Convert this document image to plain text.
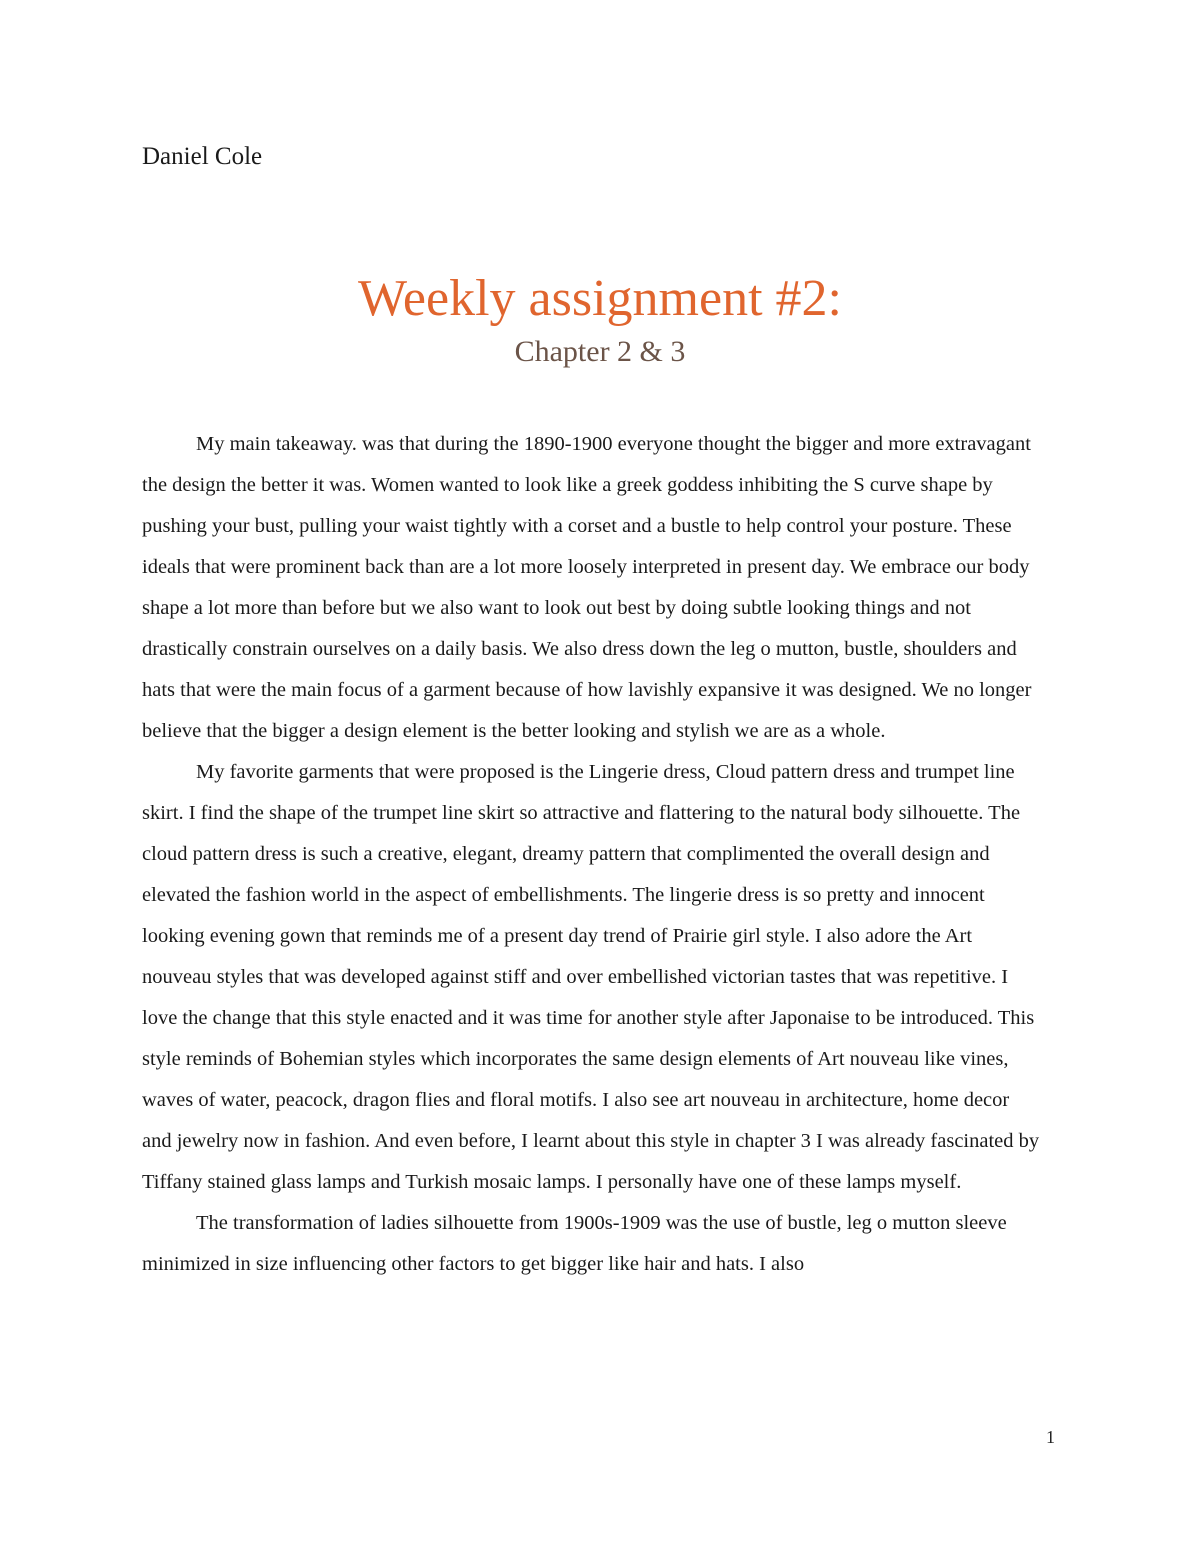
Daniel Cole
Weekly assignment #2:
Chapter 2 & 3

My main takeaway. was that during the 1890-1900 everyone thought the bigger and more extravagant the design the better it was. Women wanted to look like a greek goddess inhibiting the S curve shape by pushing your bust, pulling your waist tightly with a corset and a bustle to help control your posture. These ideals that were prominent back than are a lot more loosely interpreted in present day. We embrace our body shape a lot more than before but we also want to look out best by doing subtle looking things and not drastically constrain ourselves on a daily basis. We also dress down the leg o mutton, bustle, shoulders and hats that were the main focus of a garment because of how lavishly expansive it was designed. We no longer believe that the bigger a design element is the better looking and stylish we are as a whole.

My favorite garments that were proposed is the Lingerie dress, Cloud pattern dress and trumpet line skirt. I find the shape of the trumpet line skirt so attractive and flattering to the natural body silhouette. The cloud pattern dress is such a creative, elegant, dreamy pattern that complimented the overall design and elevated the fashion world in the aspect of embellishments. The lingerie dress is so pretty and innocent looking evening gown that reminds me of a present day trend of Prairie girl style. I also adore the Art nouveau styles that was developed against stiff and over embellished victorian tastes that was repetitive. I love the change that this style enacted and it was time for another style after Japonaise to be introduced. This style reminds of Bohemian styles which incorporates the same design elements of Art nouveau like vines, waves of water, peacock, dragon flies and floral motifs. I also see art nouveau in architecture, home decor and jewelry now in fashion. And even before, I learnt about this style in chapter 3 I was already fascinated by Tiffany stained glass lamps and Turkish mosaic lamps. I personally have one of these lamps myself.

The transformation of ladies silhouette from 1900s-1909 was the use of bustle, leg o mutton sleeve minimized in size influencing other factors to get bigger like hair and hats. I also

1
